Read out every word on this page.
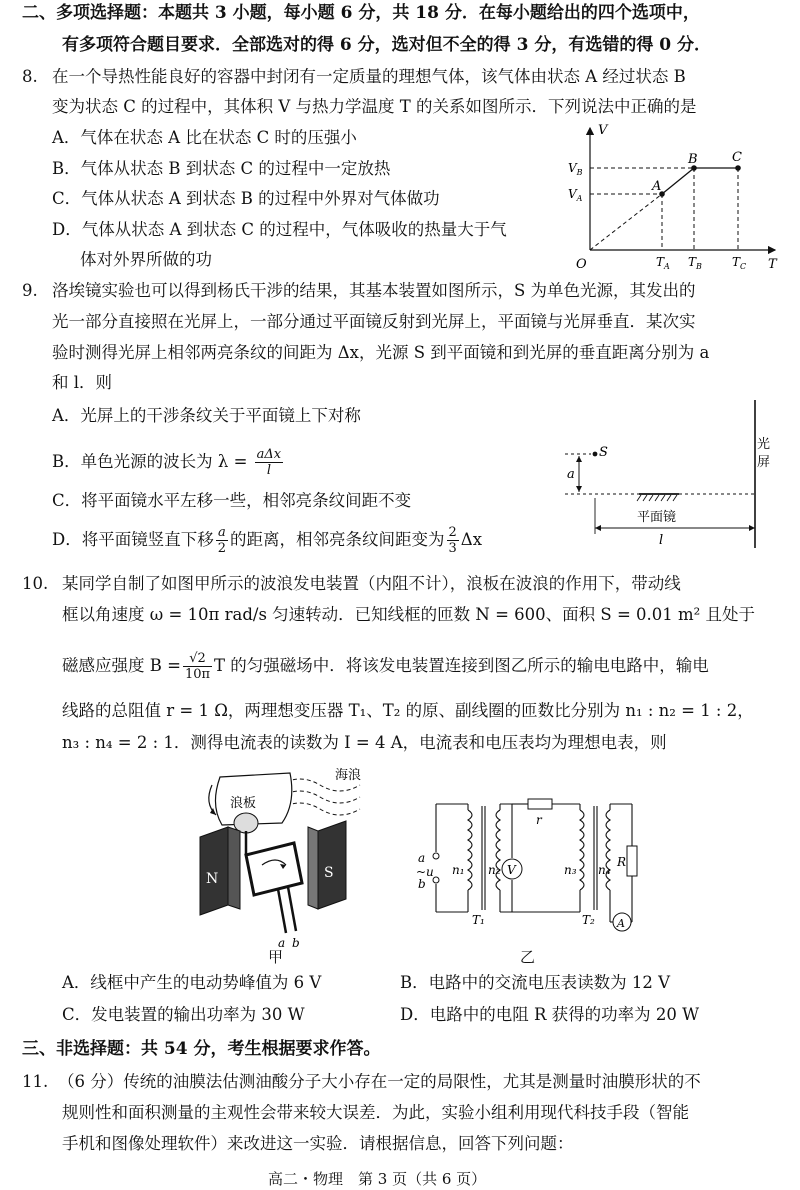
二、多项选择题：本题共 3 小题，每小题 6 分，共 18 分．在每小题给出的四个选项中，
有多项符合题目要求．全部选对的得 6 分，选对但不全的得 3 分，有选错的得 0 分．
8. 在一个导热性能良好的容器中封闭有一定质量的理想气体，该气体由状态 A 经过状态 B
变为状态 C 的过程中，其体积 V 与热力学温度 T 的关系如图所示．下列说法中正确的是
A．气体在状态 A 比在状态 C 时的压强小
B．气体从状态 B 到状态 C 的过程中一定放热
C．气体从状态 A 到状态 B 的过程中外界对气体做功
D．气体从状态 A 到状态 C 的过程中，气体吸收的热量大于气
体对外界所做的功
V
T
O
$V_B$
$V_A$
A
B	C
$T_A$ $T_B$	$T_C$
9. 洛埃镜实验也可以得到杨氏干涉的结果，其基本装置如图所示，S 为单色光源，其发出的
光一部分直接照在光屏上，一部分通过平面镜反射到光屏上，平面镜与光屏垂直．某次实
验时测得光屏上相邻两亮条纹的间距为 Δx，光源 S 到平面镜和到光屏的垂直距离分别为 a
和 l．则
A．光屏上的干涉条纹关于平面镜上下对称
B．单色光源的波长为 $\lambda = \frac{\text{aΔx}}{l}$
C．将平面镜水平左移一些，相邻亮条纹间距不变
D．将平面镜竖直下移 $\frac{a}{2}$ 的距离，相邻亮条纹间距变为 $\frac{2}{3}$ Δx
光
屏
a
S
平面镜
l
10. 某同学自制了如图甲所示的波浪发电装置（内阻不计），浪板在波浪的作用下，带动线
框以角速度 ω = 10π rad/s 匀速转动．已知线框的匝数 N = 600、面积 S = 0.01 m² 且处于
磁感应强度 $B = \frac{√2}{10\pi}$ T 的匀强磁场中．将该发电装置连接到图乙所示的输电电路中，输电
线路的总阻值 r = 1 Ω，两理想变压器 T₁、T₂ 的原、副线圈的匝数比分别为 n₁ : n₂ = 1 : 2，
n₃ : n₄ = 2 : 1．测得电流表的读数为 I = 4 A，电流表和电压表均为理想电表，则
海浪
浪板
N	S
a b
甲
r
V
R
A
a
~u
b
n₁ n₂	n₃ n₄
T₁	T₂
乙
A．线框中产生的电动势峰值为 6 V	B．电路中的交流电压表读数为 12 V
C．发电装置的输出功率为 30 W	D．电路中的电阻 R 获得的功率为 20 W
三、非选择题：共 54 分，考生根据要求作答。
11. （6 分）传统的油膜法估测油酸分子大小存在一定的局限性，尤其是测量时油膜形状的不
规则性和面积测量的主观性会带来较大误差．为此，实验小组利用现代科技手段（智能
手机和图像处理软件）来改进这一实验．请根据信息，回答下列问题：
高二・物理　第 3 页（共 6 页）
